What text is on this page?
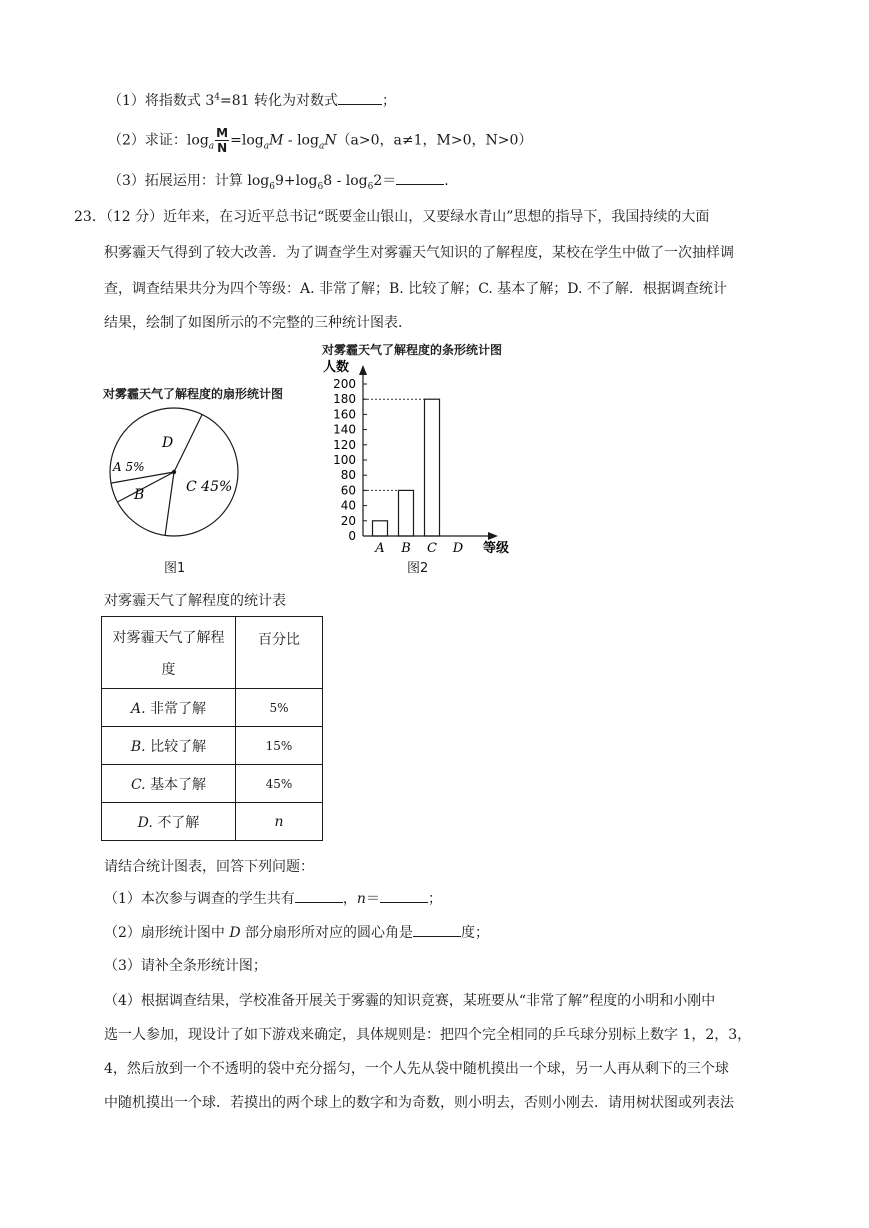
（1）将指数式 $3^4=81$ 转化为对数式	；
（2）求证：$\log_a \frac{M}{N} =\log_aM - \log_aN(a>0$，a≠1，M>0，N>0）
（3）拓展运用：计算 $\log_69+\log_68 - \log_62=$	.
23．（12 分）近年来，在习近平总书记“既要金山银山，又要绿水青山”思想的指导下，我国持续的大面
积雾霾天气得到了较大改善．为了调查学生对雾霾天气知识的了解程度，某校在学生中做了一次抽样调
查，调查结果共分为四个等级：A. 非常了解；B. 比较了解；C. 基本了解；D. 不了解．根据调查统计
结果，绘制了如图所示的不完整的三种统计图表．
对雾霾天气了解程度的扇形统计图
D
A 5%
B	C 45%
图1
对雾霾天气了解程度的条形统计图
人数
0
20
40
60
80
100
120
140
160
180
200
A B C D 等级
图2
对雾霾天气了解程度的统计表
对雾霾天气了解程
度	百分比
A. 非常了解	5%
B. 比较了解	15%
C. 基本了解	45%
D. 不了解	n
请结合统计图表，回答下列问题：
（1）本次参与调查的学生共有	，n＝	；
（2）扇形统计图中 D 部分扇形所对应的圆心角是	度；
（3）请补全条形统计图；
（4）根据调查结果，学校准备开展关于雾霾的知识竞赛，某班要从“非常了解”程度的小明和小刚中
选一人参加，现设计了如下游戏来确定，具体规则是：把四个完全相同的乒乓球分别标上数字 1，2，3，
4，然后放到一个不透明的袋中充分摇匀，一个人先从袋中随机摸出一个球，另一人再从剩下的三个球
中随机摸出一个球．若摸出的两个球上的数字和为奇数，则小明去，否则小刚去．请用树状图或列表法
